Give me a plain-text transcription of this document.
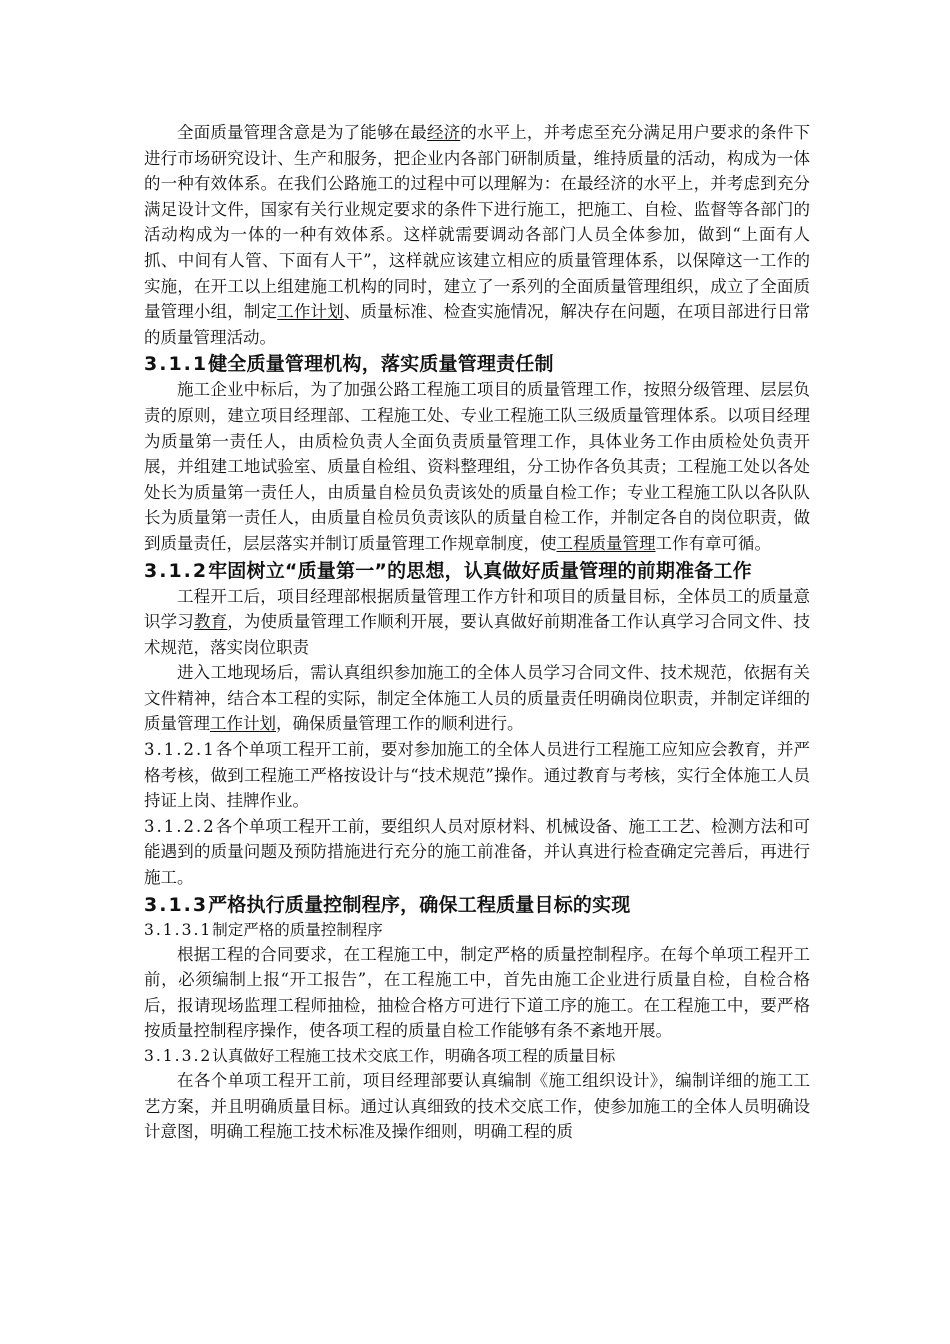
全面质量管理含意是为了能够在最经济的水平上，并考虑至充分满足用户要求的条件下进行市场研究设计、生产和服务，把企业内各部门研制质量，维持质量的活动，构成为一体的一种有效体系。在我们公路施工的过程中可以理解为：在最经济的水平上，并考虑到充分满足设计文件，国家有关行业规定要求的条件下进行施工，把施工、自检、监督等各部门的活动构成为一体的一种有效体系。这样就需要调动各部门人员全体参加，做到“上面有人抓、中间有人管、下面有人干”，这样就应该建立相应的质量管理体系，以保障这一工作的实施，在开工以上组建施工机构的同时，建立了一系列的全面质量管理组织，成立了全面质量管理小组，制定工作计划、质量标准、检查实施情况，解决存在问题，在项目部进行日常的质量管理活动。

3.1.1健全质量管理机构，落实质量管理责任制

施工企业中标后，为了加强公路工程施工项目的质量管理工作，按照分级管理、层层负责的原则，建立项目经理部、工程施工处、专业工程施工队三级质量管理体系。以项目经理为质量第一责任人，由质检负责人全面负责质量管理工作，具体业务工作由质检处负责开展，并组建工地试验室、质量自检组、资料整理组，分工协作各负其责；工程施工处以各处处长为质量第一责任人，由质量自检员负责该处的质量自检工作；专业工程施工队以各队队长为质量第一责任人，由质量自检员负责该队的质量自检工作，并制定各自的岗位职责，做到质量责任，层层落实并制订质量管理工作规章制度，使工程质量管理工作有章可循。

3.1.2牢固树立“质量第一”的思想，认真做好质量管理的前期准备工作

工程开工后，项目经理部根据质量管理工作方针和项目的质量目标，全体员工的质量意识学习教育，为使质量管理工作顺利开展，要认真做好前期准备工作认真学习合同文件、技术规范，落实岗位职责

进入工地现场后，需认真组织参加施工的全体人员学习合同文件、技术规范，依据有关文件精神，结合本工程的实际，制定全体施工人员的质量责任明确岗位职责，并制定详细的质量管理工作计划，确保质量管理工作的顺利进行。

3.1.2.1各个单项工程开工前，要对参加施工的全体人员进行工程施工应知应会教育，并严格考核，做到工程施工严格按设计与“技术规范”操作。通过教育与考核，实行全体施工人员持证上岗、挂牌作业。

3.1.2.2各个单项工程开工前，要组织人员对原材料、机械设备、施工工艺、检测方法和可能遇到的质量问题及预防措施进行充分的施工前准备，并认真进行检查确定完善后，再进行施工。

3.1.3严格执行质量控制程序，确保工程质量目标的实现

3.1.3.1制定严格的质量控制程序

根据工程的合同要求，在工程施工中，制定严格的质量控制程序。在每个单项工程开工前，必须编制上报“开工报告”，在工程施工中，首先由施工企业进行质量自检，自检合格后，报请现场监理工程师抽检，抽检合格方可进行下道工序的施工。在工程施工中，要严格按质量控制程序操作，使各项工程的质量自检工作能够有条不紊地开展。

3.1.3.2认真做好工程施工技术交底工作，明确各项工程的质量目标

在各个单项工程开工前，项目经理部要认真编制《施工组织设计》，编制详细的施工工艺方案，并且明确质量目标。通过认真细致的技术交底工作，使参加施工的全体人员明确设计意图，明确工程施工技术标准及操作细则，明确工程的质
